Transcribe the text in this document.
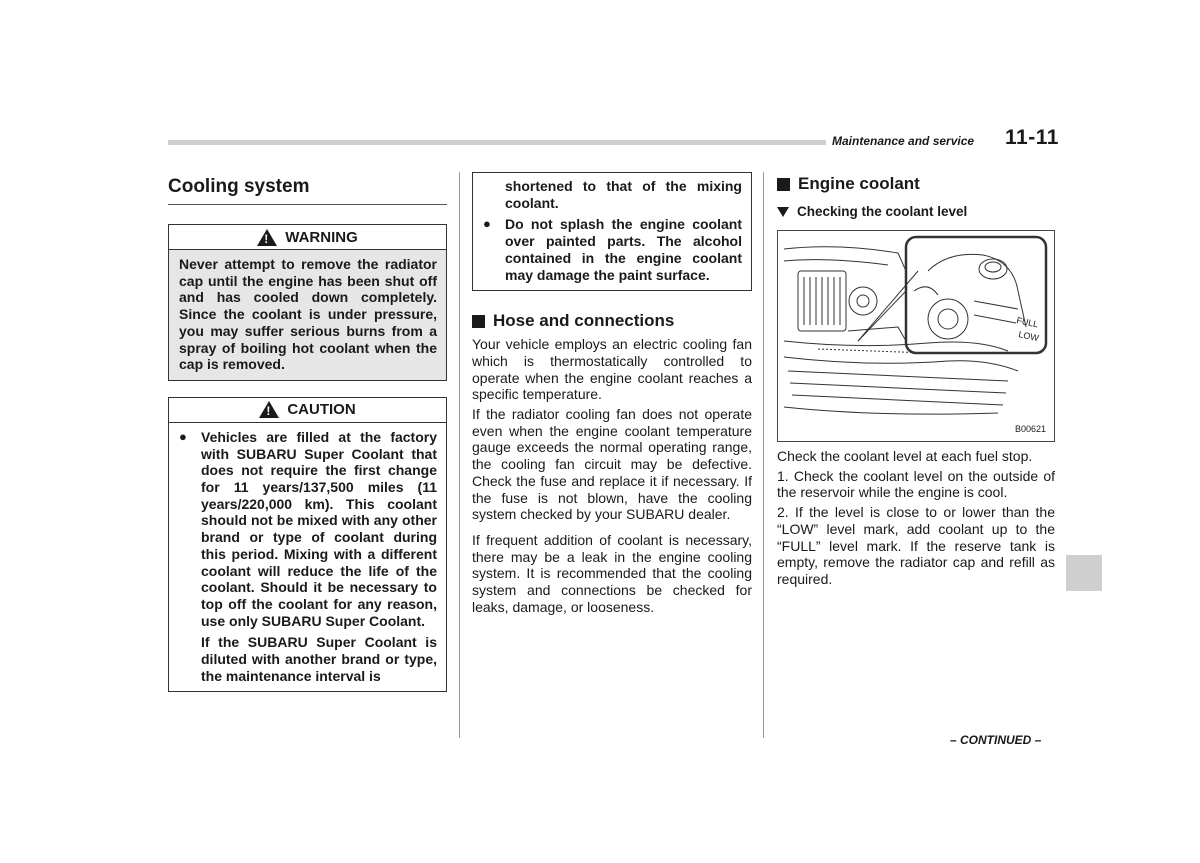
Maintenance and service 11-11
Cooling system
!
WARNING

Never attempt to remove the radiator cap until the engine has been shut off and has cooled down completely. Since the coolant is under pressure, you may suffer serious burns from a spray of boiling hot coolant when the cap is removed.

!
CAUTION
● Vehicles are filled at the factory with SUBARU Super Coolant that does not require the first change for 11 years/137,500 miles (11 years/220,000 km). This coolant should not be mixed with any other brand or type of coolant during this period. Mixing with a different coolant will reduce the life of the coolant. Should it be necessary to top off the coolant for any reason, use only SUBARU Super Coolant.

If the SUBARU Super Coolant is diluted with another brand or type, the maintenance interval is

shortened to that of the mixing coolant.

● Do not splash the engine coolant over painted parts. The alcohol contained in the engine coolant may damage the paint surface.

Hose and connections

Your vehicle employs an electric cooling fan which is thermostatically controlled to operate when the engine coolant reaches a specific temperature.

If the radiator cooling fan does not operate even when the engine coolant temperature gauge exceeds the normal operating range, the cooling fan circuit may be defective. Check the fuse and replace it if necessary. If the fuse is not blown, have the cooling system checked by your SUBARU dealer.

If frequent addition of coolant is necessary, there may be a leak in the engine cooling system. It is recommended that the cooling system and connections be checked for leaks, damage, or looseness.

Engine coolant
Checking the coolant level
FULL
LOW
B00621

Check the coolant level at each fuel stop.

1. Check the coolant level on the outside of the reservoir while the engine is cool.

2. If the level is close to or lower than the “LOW” level mark, add coolant up to the “FULL” level mark. If the reserve tank is empty, remove the radiator cap and refill as required.

– CONTINUED –
